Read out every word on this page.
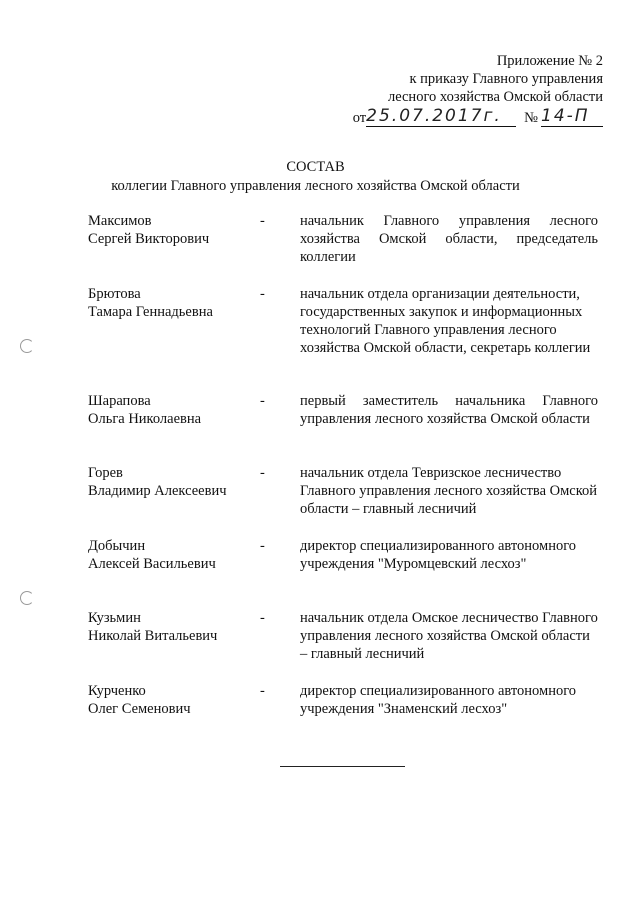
Приложение № 2
к приказу Главного управления
лесного хозяйства Омской области
от 25.07.2017г.	№ 14-П
СОСТАВ
коллегии Главного управления лесного хозяйства Омской области
Максимов
Сергей Викторович
- начальник Главного управления лесного хозяйства Омской области, председатель коллегии
Брютова
Тамара Геннадьевна
- начальник отдела организации деятельности, государственных закупок и информационных технологий Главного управления лесного хозяйства Омской области, секретарь коллегии
Шарапова
Ольга Николаевна
- первый заместитель начальника Главного управления лесного хозяйства Омской области
Горев
Владимир Алексеевич
- начальник отдела Тевризское лесничество Главного управления лесного хозяйства Омской области – главный лесничий
Добычин
Алексей Васильевич
- директор специализированного автономного учреждения "Муромцевский лесхоз"
Кузьмин
Николай Витальевич
- начальник отдела Омское лесничество Главного управления лесного хозяйства Омской области – главный лесничий
Курченко
Олег Семенович
- директор специализированного автономного учреждения "Знаменский лесхоз"
